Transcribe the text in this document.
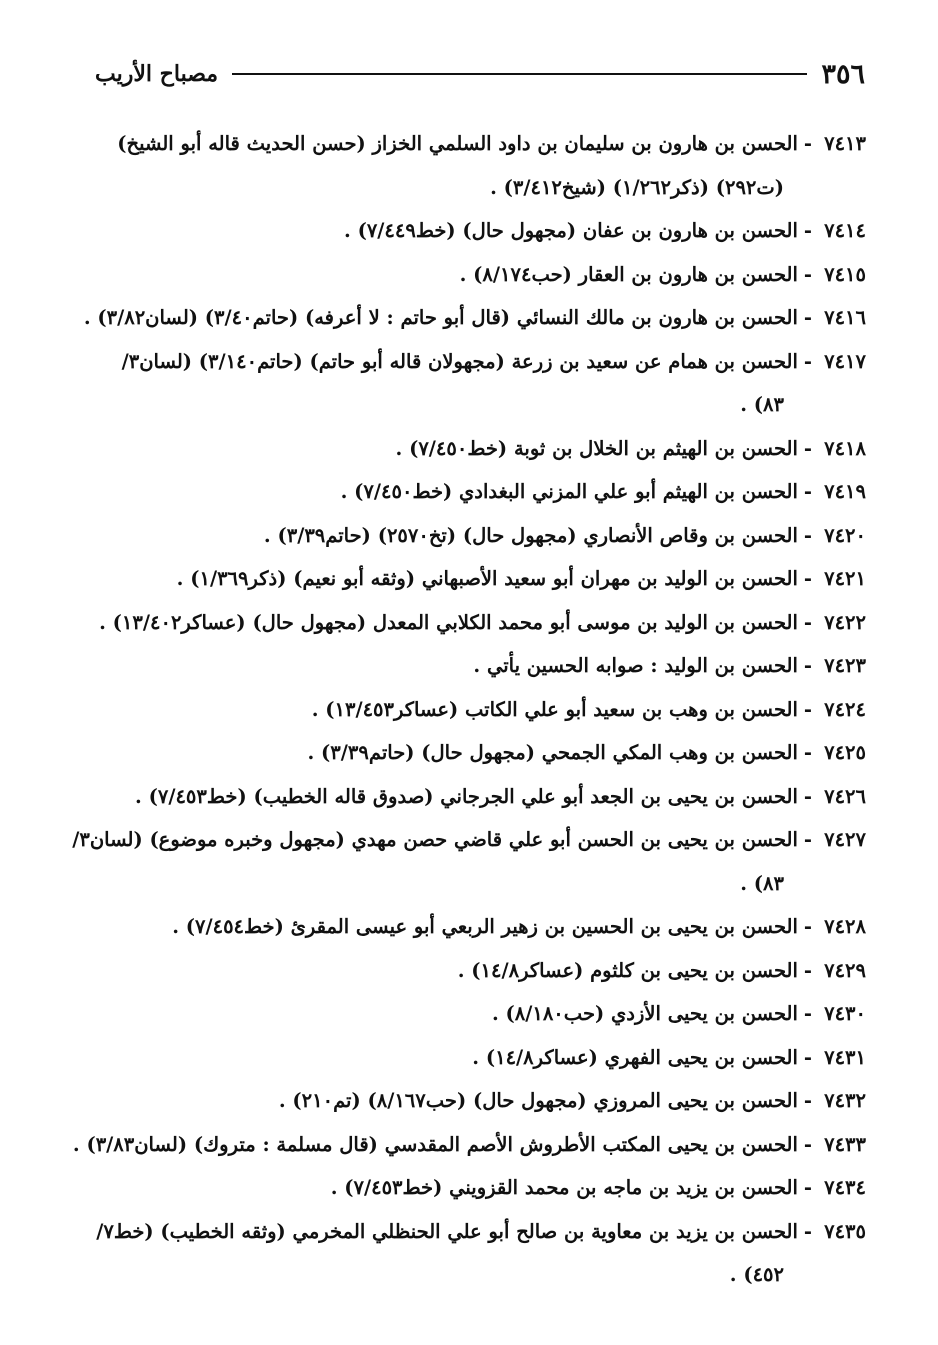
٣٥٦
مصباح الأريب
٧٤١٣-الحسن بن هارون بن سليمان بن داود السلمي الخزاز (حسن الحديث قاله أبو الشيخ)
(ت٢٩٢) (ذكر١/٢٦٢) (شيخ٣/٤١٢) .
٧٤١٤-الحسن بن هارون بن عفان (مجهول حال) (خط٧/٤٤٩) .
٧٤١٥-الحسن بن هارون بن العقار (حب٨/١٧٤) .
٧٤١٦-الحسن بن هارون بن مالك النسائي (قال أبو حاتم : لا أعرفه) (حاتم٣/٤٠) (لسان٣/٨٢) .
٧٤١٧-الحسن بن همام عن سعيد بن زرعة (مجهولان قاله أبو حاتم) (حاتم٣/١٤٠) (لسان٣/
٨٣) .
٧٤١٨-الحسن بن الهيثم بن الخلال بن ثوبة (خط٧/٤٥٠) .
٧٤١٩-الحسن بن الهيثم أبو علي المزني البغدادي (خط٧/٤٥٠) .
٧٤٢٠-الحسن بن وقاص الأنصاري (مجهول حال) (تخ٢٥٧٠) (حاتم٣/٣٩) .
٧٤٢١-الحسن بن الوليد بن مهران أبو سعيد الأصبهاني (وثقه أبو نعيم) (ذكر١/٣٦٩) .
٧٤٢٢-الحسن بن الوليد بن موسى أبو محمد الكلابي المعدل (مجهول حال) (عساكر١٣/٤٠٢) .
٧٤٢٣-الحسن بن الوليد : صوابه الحسين يأتي .
٧٤٢٤-الحسن بن وهب بن سعيد أبو علي الكاتب (عساكر١٣/٤٥٣) .
٧٤٢٥-الحسن بن وهب المكي الجمحي (مجهول حال) (حاتم٣/٣٩) .
٧٤٢٦-الحسن بن يحيى بن الجعد أبو علي الجرجاني (صدوق قاله الخطيب) (خط٧/٤٥٣) .
٧٤٢٧-الحسن بن يحيى بن الحسن أبو علي قاضي حصن مهدي (مجهول وخبره موضوع) (لسان٣/
٨٣) .
٧٤٢٨-الحسن بن يحيى بن الحسين بن زهير الربعي أبو عيسى المقرئ (خط٧/٤٥٤) .
٧٤٢٩-الحسن بن يحيى بن كلثوم (عساكر١٤/٨) .
٧٤٣٠-الحسن بن يحيى الأزدي (حب٨/١٨٠) .
٧٤٣١-الحسن بن يحيى الفهري (عساكر١٤/٨) .
٧٤٣٢-الحسن بن يحيى المروزي (مجهول حال) (حب٨/١٦٧) (تم٢١٠) .
٧٤٣٣-الحسن بن يحيى المكتب الأطروش الأصم المقدسي (قال مسلمة : متروك) (لسان٣/٨٣) .
٧٤٣٤-الحسن بن يزيد بن ماجه بن محمد القزويني (خط٧/٤٥٣) .
٧٤٣٥-الحسن بن يزيد بن معاوية بن صالح أبو علي الحنظلي المخرمي (وثقه الخطيب) (خط٧/
٤٥٢) .
